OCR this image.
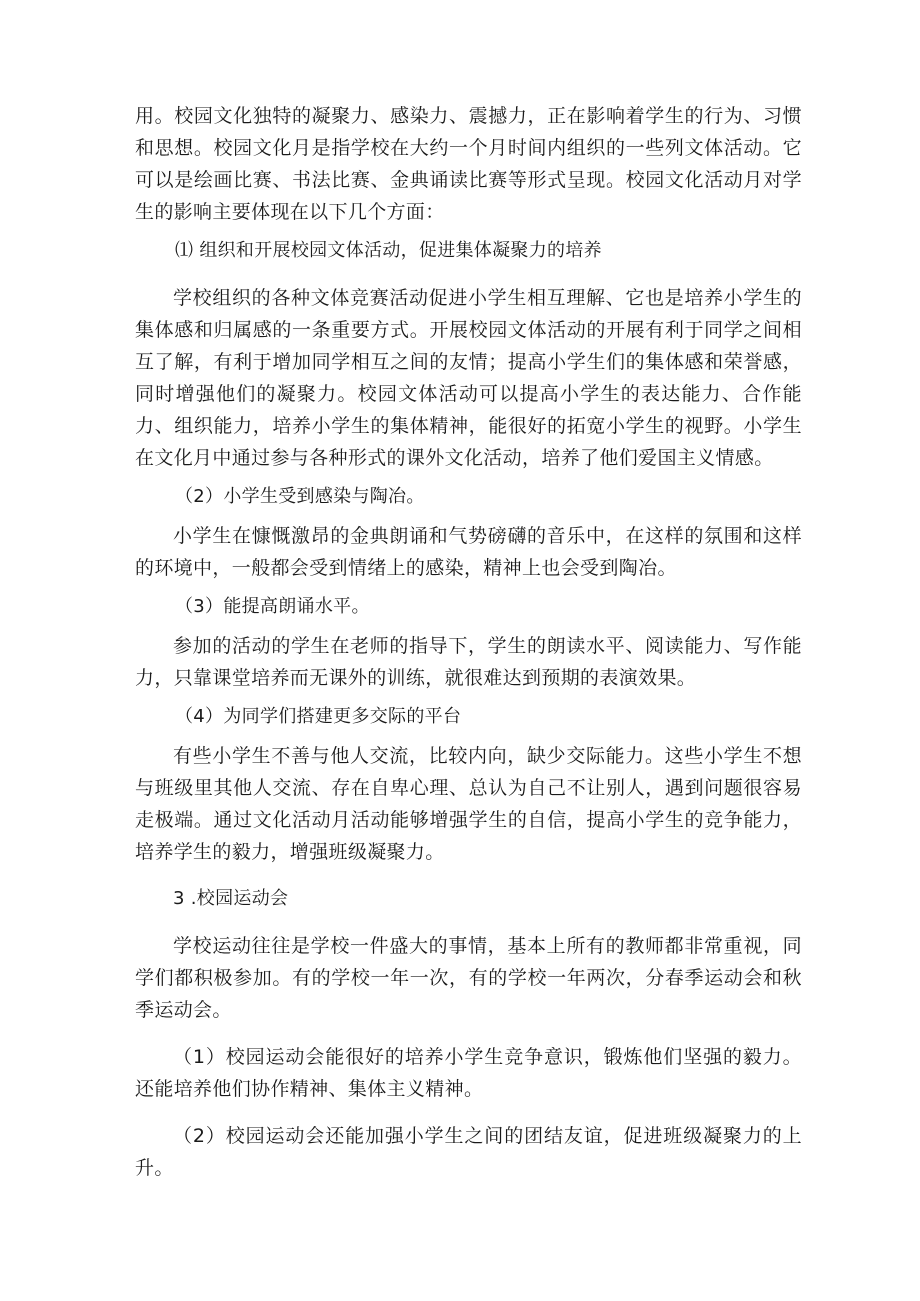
用。校园文化独特的凝聚力、感染力、震撼力，正在影响着学生的行为、习惯和思想。校园文化月是指学校在大约一个月时间内组织的一些列文体活动。它可以是绘画比赛、书法比赛、金典诵读比赛等形式呈现。校园文化活动月对学生的影响主要体现在以下几个方面：

⑴ 组织和开展校园文体活动，促进集体凝聚力的培养

学校组织的各种文体竞赛活动促进小学生相互理解、它也是培养小学生的集体感和归属感的一条重要方式。开展校园文体活动的开展有利于同学之间相互了解，有利于增加同学相互之间的友情；提高小学生们的集体感和荣誉感，同时增强他们的凝聚力。校园文体活动可以提高小学生的表达能力、合作能力、组织能力，培养小学生的集体精神，能很好的拓宽小学生的视野。小学生在文化月中通过参与各种形式的课外文化活动，培养了他们爱国主义情感。

（2）小学生受到感染与陶冶。

小学生在慷慨激昂的金典朗诵和气势磅礴的音乐中，在这样的氛围和这样的环境中，一般都会受到情绪上的感染，精神上也会受到陶冶。

（3）能提高朗诵水平。

参加的活动的学生在老师的指导下，学生的朗读水平、阅读能力、写作能力，只靠课堂培养而无课外的训练，就很难达到预期的表演效果。

（4）为同学们搭建更多交际的平台

有些小学生不善与他人交流，比较内向，缺少交际能力。这些小学生不想与班级里其他人交流、存在自卑心理、总认为自己不让别人，遇到问题很容易走极端。通过文化活动月活动能够增强学生的自信，提高小学生的竞争能力，培养学生的毅力，增强班级凝聚力。

3 .校园运动会

学校运动往往是学校一件盛大的事情，基本上所有的教师都非常重视，同学们都积极参加。有的学校一年一次，有的学校一年两次，分春季运动会和秋季运动会。

（1）校园运动会能很好的培养小学生竞争意识，锻炼他们坚强的毅力。还能培养他们协作精神、集体主义精神。

（2）校园运动会还能加强小学生之间的团结友谊，促进班级凝聚力的上升。
